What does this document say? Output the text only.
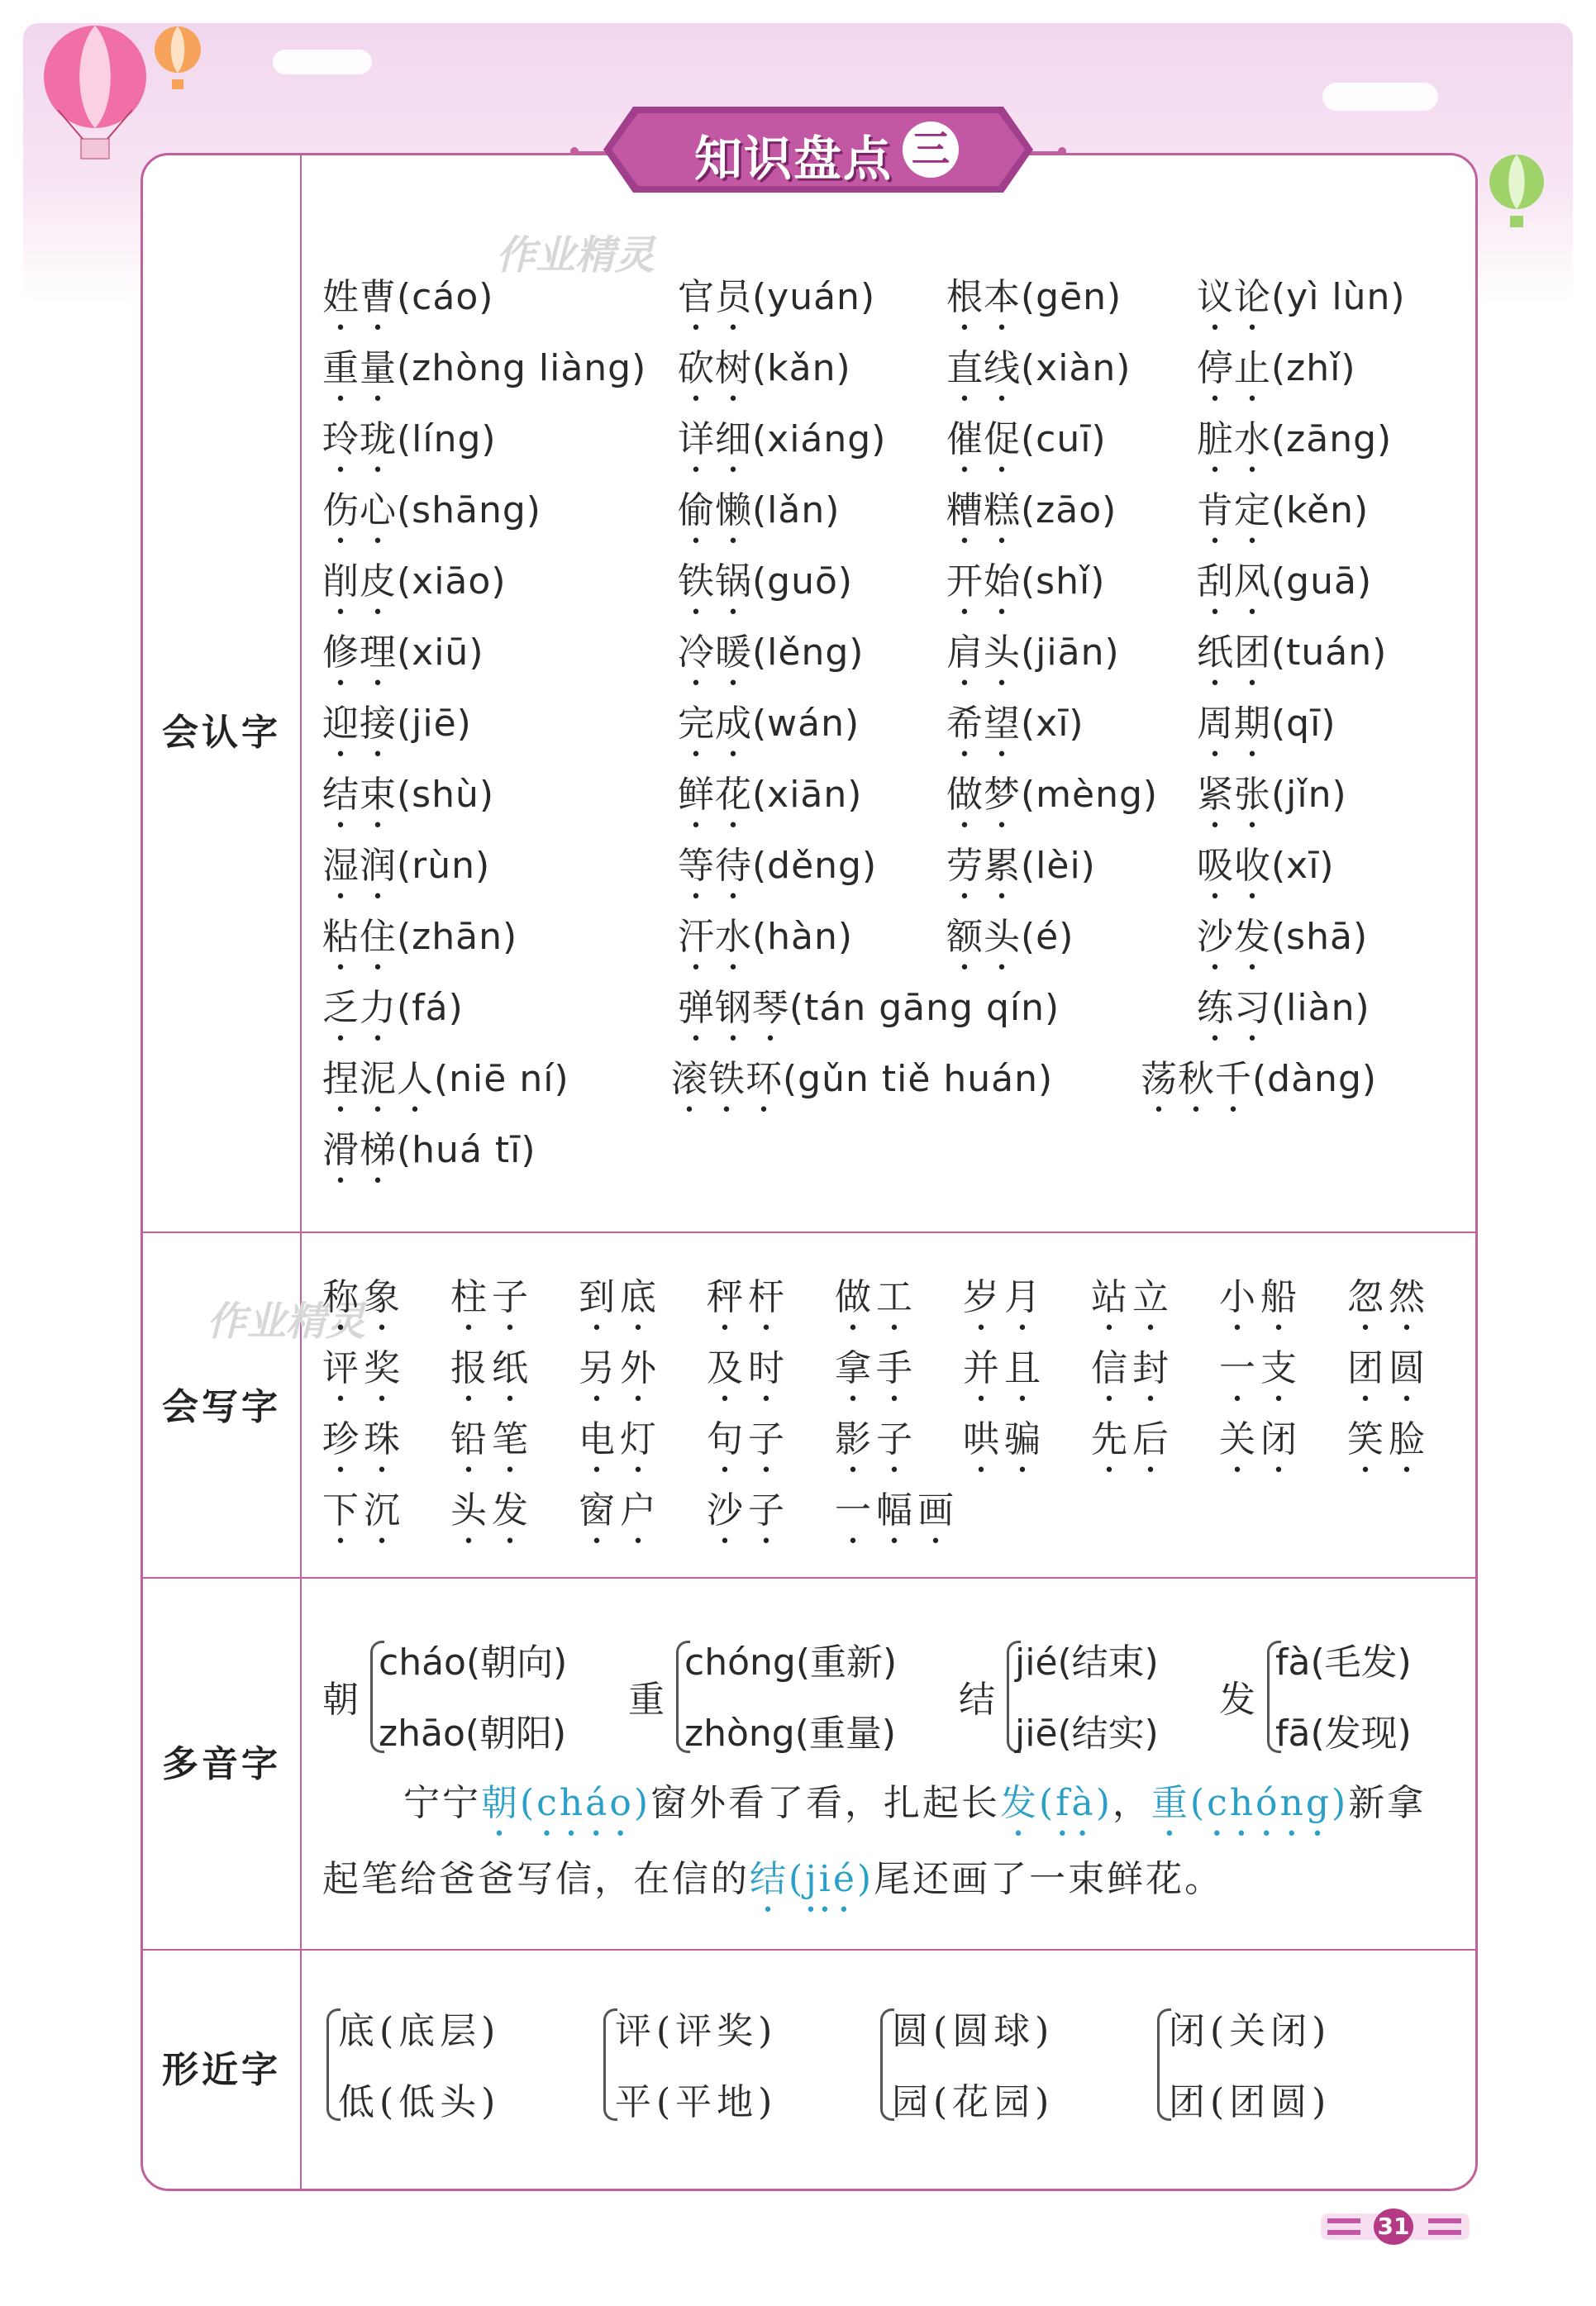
会认字
会写字
多音字
形近字
知识盘点 三
作业精灵
作业精灵
姓曹(cáo)	官员(yuán) 根本(gēn) 议论(yì lùn)
重量(zhòng liàng) 砍树(kǎn)	直线(xiàn) 停止(zhǐ)
玲珑(líng)	详细(xiáng) 催促(cuī) 脏水(zāng)
伤心(shāng)	偷懒(lǎn)	糟糕(zāo) 肯定(kěn)
削皮(xiāo)	铁锅(guō)	开始(shǐ)	刮风(guā)
修理(xiū)	冷暖(lěng) 肩头(jiān) 纸团(tuán)
迎接(jiē)	完成(wán) 希望(xī)	周期(qī)
结束(shù)	鲜花(xiān) 做梦(mèng) 紧张(jǐn)
湿润(rùn)	等待(děng) 劳累(lèi)	吸收(xī)
粘住(zhān)	汗水(hàn)	额头(é)	沙发(shā)
乏力(fá)	弹钢琴(tán gāng qín)	练习(liàn)
捏泥人(niē ní)	滚铁环(gǔn tiě huán) 荡秋千(dàng)
滑梯(huá tī)
称象 柱子 到底 秤杆 做工 岁月 站立 小船 忽然
评奖 报纸 另外 及时 拿手 并且 信封 一支 团圆
珍珠 铅笔 电灯 句子 影子 哄骗 先后 关闭 笑脸
下沉 头发 窗户 沙子 一幅画
朝
cháo(朝向)
zhāo(朝阳)
重
chóng(重新)
zhòng(重量)
结
jié(结束)
jiē(结实)
发
fà(毛发)
fā(发现)
宁宁朝(cháo)窗外看了看，扎起长发(fà)，重(chóng)新拿起笔给爸爸写信，在信的结(jié)尾还画了一束鲜花。
底(底层)
低(低头)
评(评奖)
平(平地)
圆(圆球)
园(花园)
闭(关闭)
团(团圆)
31
